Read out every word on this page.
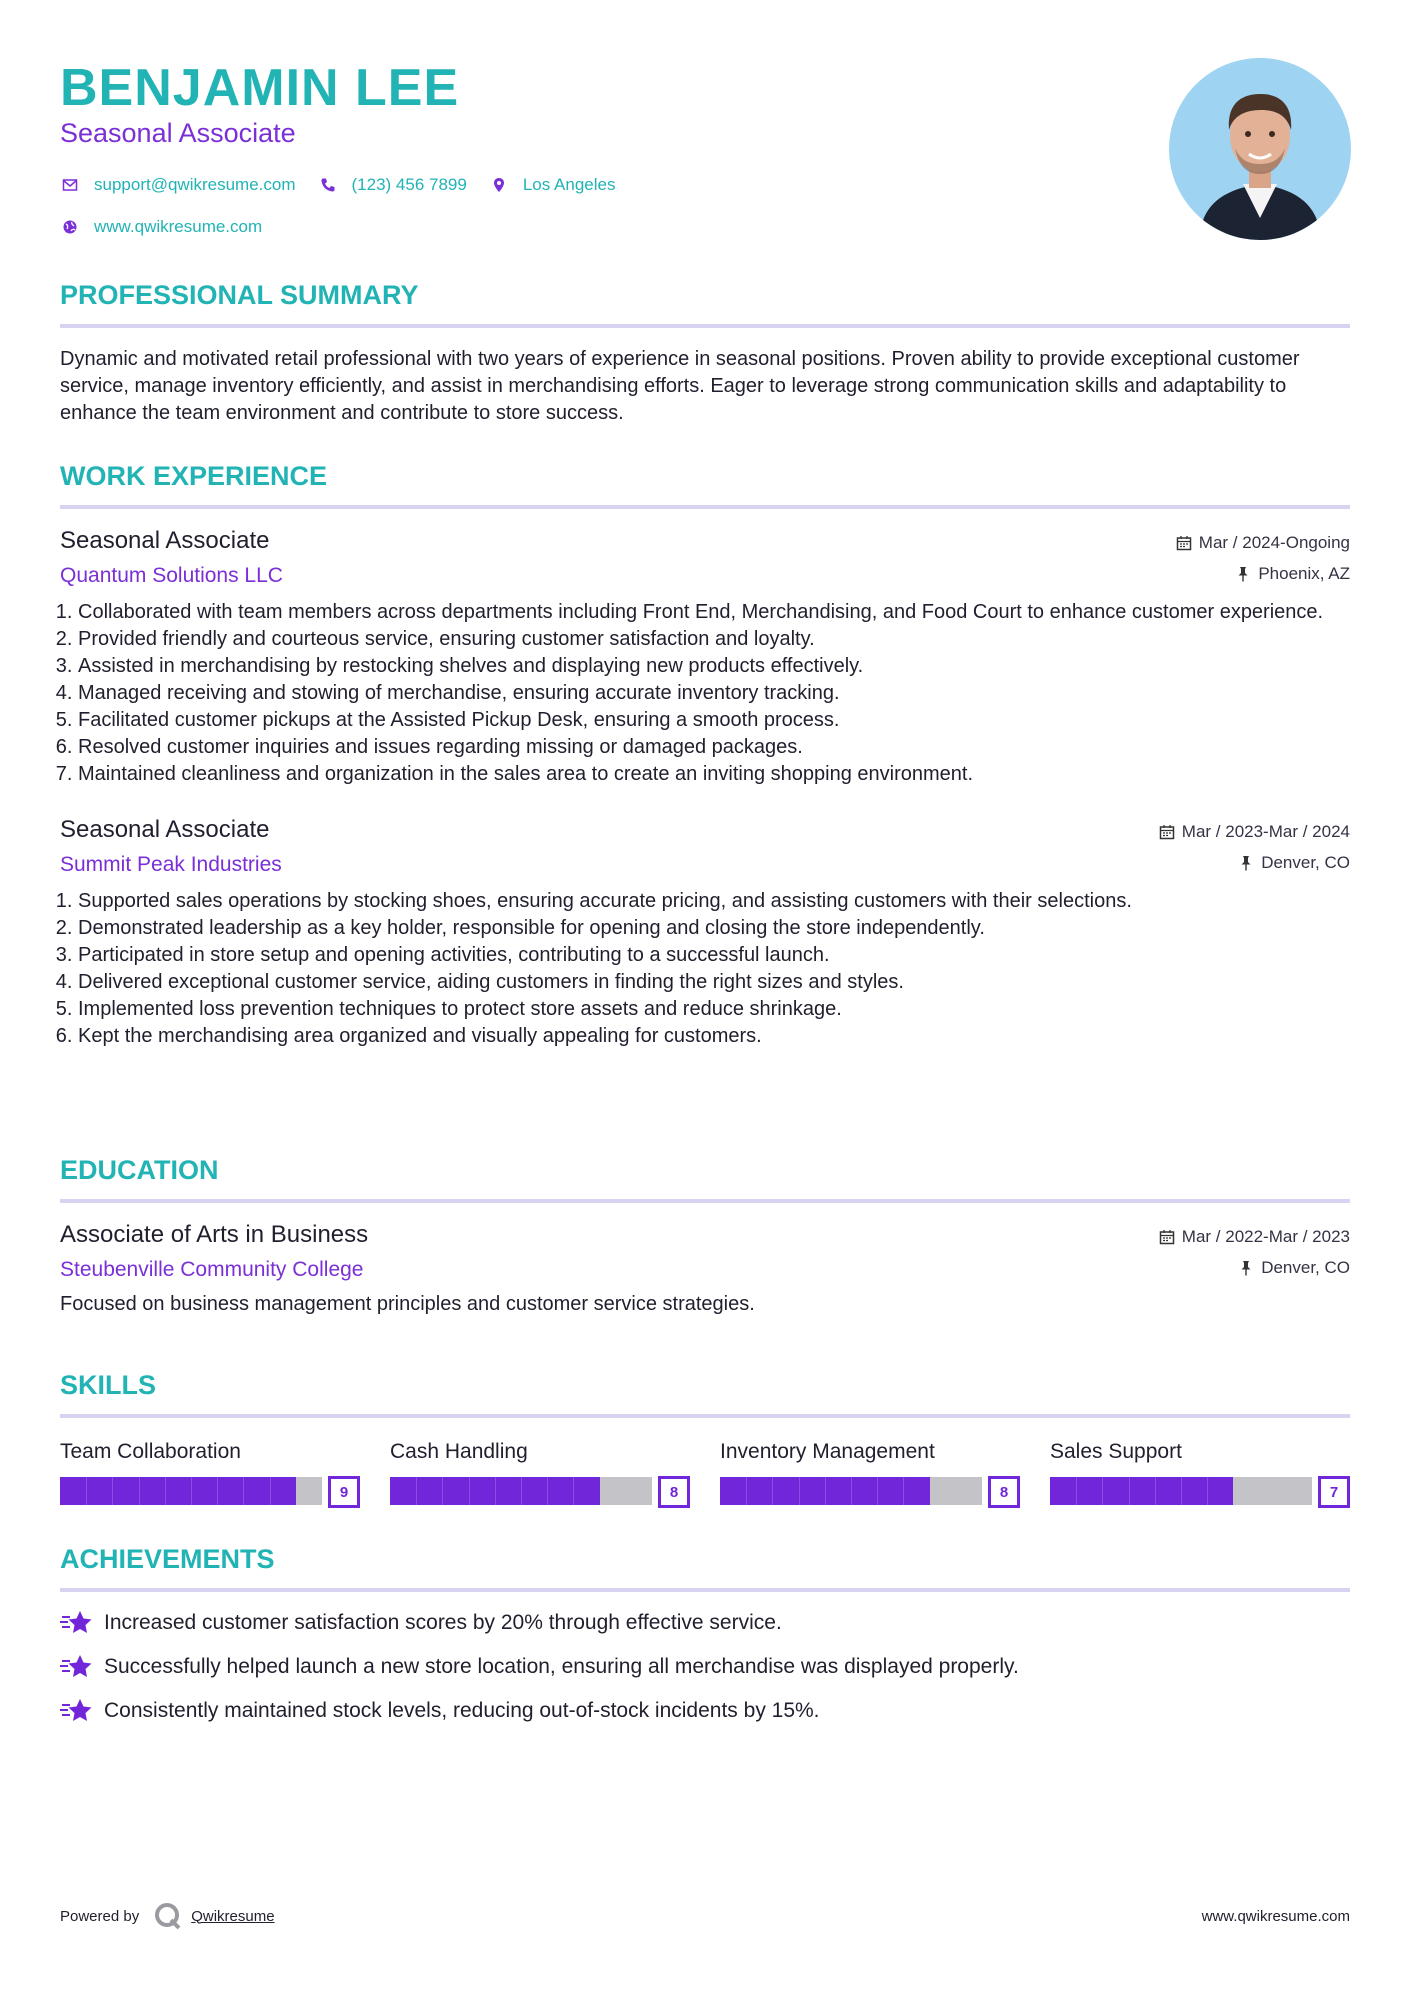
BENJAMIN LEE
Seasonal Associate
support@qwikresume.com	(123) 456 7899	Los Angeles
www.qwikresume.com
PROFESSIONAL SUMMARY
Dynamic and motivated retail professional with two years of experience in seasonal positions. Proven ability to provide exceptional customer service, manage inventory efficiently, and assist in merchandising efforts. Eager to leverage strong communication skills and adaptability to enhance the team environment and contribute to store success.
WORK EXPERIENCE
Seasonal Associate
Quantum Solutions LLC
Mar / 2024-Ongoing
Phoenix, AZ
1. Collaborated with team members across departments including Front End, Merchandising, and Food Court to enhance customer experience.
2. Provided friendly and courteous service, ensuring customer satisfaction and loyalty.
3. Assisted in merchandising by restocking shelves and displaying new products effectively.
4. Managed receiving and stowing of merchandise, ensuring accurate inventory tracking.
5. Facilitated customer pickups at the Assisted Pickup Desk, ensuring a smooth process.
6. Resolved customer inquiries and issues regarding missing or damaged packages.
7. Maintained cleanliness and organization in the sales area to create an inviting shopping environment.
Seasonal Associate
Summit Peak Industries
Mar / 2023-Mar / 2024
Denver, CO
1. Supported sales operations by stocking shoes, ensuring accurate pricing, and assisting customers with their selections.
2. Demonstrated leadership as a key holder, responsible for opening and closing the store independently.
3. Participated in store setup and opening activities, contributing to a successful launch.
4. Delivered exceptional customer service, aiding customers in finding the right sizes and styles.
5. Implemented loss prevention techniques to protect store assets and reduce shrinkage.
6. Kept the merchandising area organized and visually appealing for customers.
EDUCATION
Associate of Arts in Business
Steubenville Community College
Mar / 2022-Mar / 2023
Denver, CO
Focused on business management principles and customer service strategies.
SKILLS
Team Collaboration
9
Cash Handling
8
Inventory Management
8
Sales Support
7
ACHIEVEMENTS
Increased customer satisfaction scores by 20% through effective service.
Successfully helped launch a new store location, ensuring all merchandise was displayed properly.
Consistently maintained stock levels, reducing out-of-stock incidents by 15%.
Powered by	Qwikresume	www.qwikresume.com
